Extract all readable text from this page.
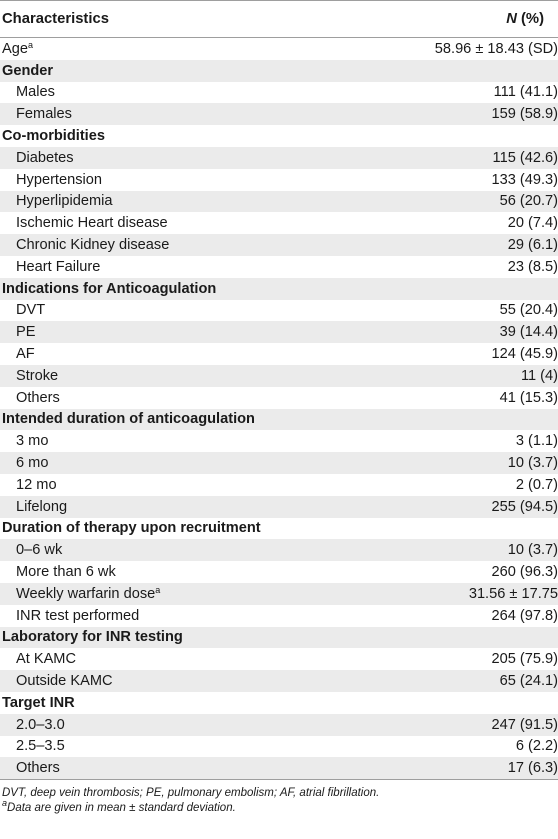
Characteristics	N (%)
Age$^a$	58.96 ± 18.43 (SD)
Gender
Males	111 (41.1)
Females	159 (58.9)
Co-morbidities
Diabetes	115 (42.6)
Hypertension	133 (49.3)
Hyperlipidemia	56 (20.7)
Ischemic Heart disease	20 (7.4)
Chronic Kidney disease	29 (6.1)
Heart Failure	23 (8.5)
Indications for Anticoagulation
DVT	55 (20.4)
PE	39 (14.4)
AF	124 (45.9)
Stroke	11 (4)
Others	41 (15.3)
Intended duration of anticoagulation
3 mo	3 (1.1)
6 mo	10 (3.7)
12 mo	2 (0.7)
Lifelong	255 (94.5)
Duration of therapy upon recruitment
0–6 wk	10 (3.7)
More than 6 wk	260 (96.3)
Weekly warfarin dose$^a$	31.56 ± 17.75
INR test performed	264 (97.8)
Laboratory for INR testing
At KAMC	205 (75.9)
Outside KAMC	65 (24.1)
Target INR
2.0–3.0	247 (91.5)
2.5–3.5	6 (2.2)
Others	17 (6.3)
DVT, deep vein thrombosis; PE, pulmonary embolism; AF, atrial fibrillation.
$^a$Data are given in mean ± standard deviation.
